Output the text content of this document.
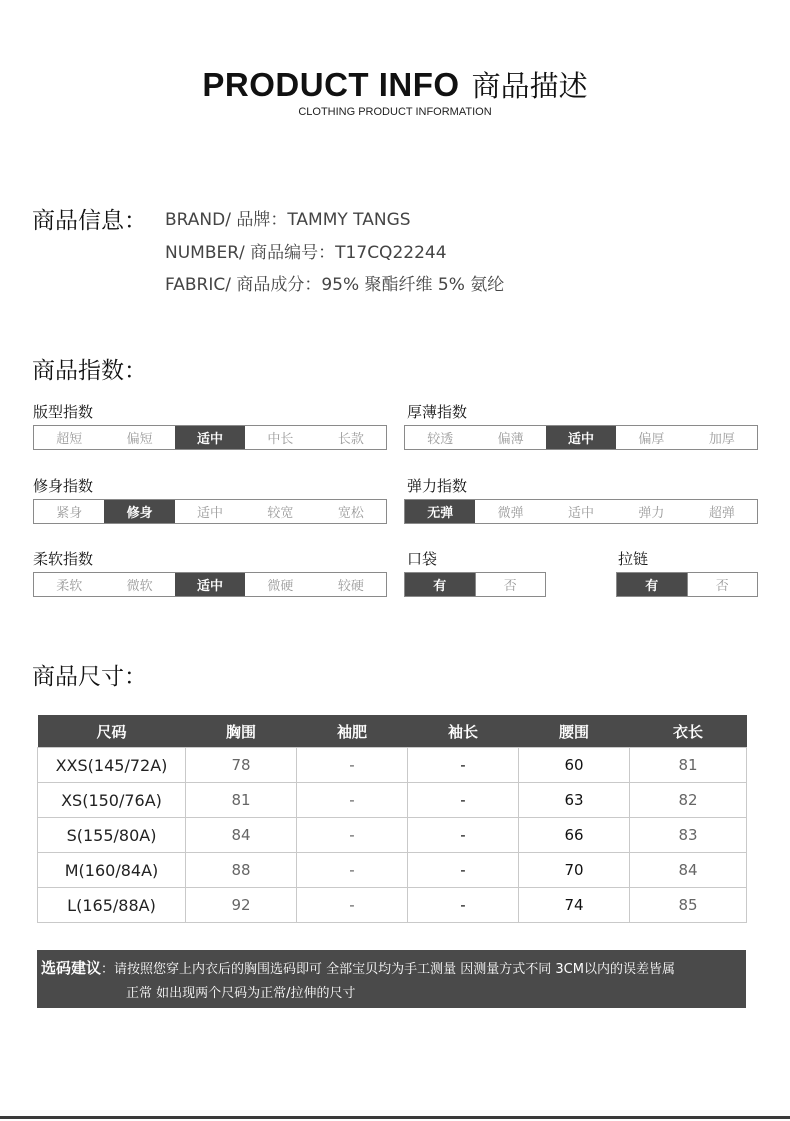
PRODUCT INFO 商品描述
CLOTHING PRODUCT INFORMATION
商品信息： BRAND/ 品牌：TAMMY TANGS
NUMBER/ 商品编号：T17CQ22244
FABRIC/ 商品成分：95% 聚酯纤维 5% 氨纶
商品指数：
版型指数
超短	偏短	适中	中长	长款
厚薄指数
较透	偏薄	适中	偏厚	加厚
修身指数
紧身	修身	适中	较宽	宽松
弹力指数
无弹	微弹	适中	弹力	超弹
柔软指数
柔软	微软	适中	微硬	较硬
口袋
有	否
拉链
有	否
商品尺寸：
尺码	胸围	袖肥	袖长	腰围	衣长
XXS(145/72A)	78	-	-	60	81
XS(150/76A)	81	-	-	63	82
S(155/80A)	84	-	-	66	83
M(160/84A)	88	-	-	70	84
L(165/88A)	92	-	-	74	85
选码建议：请按照您穿上内衣后的胸围选码即可 全部宝贝均为手工测量 因测量方式不同 3CM以内的误差皆属
正常 如出现两个尺码为正常/拉伸的尺寸
